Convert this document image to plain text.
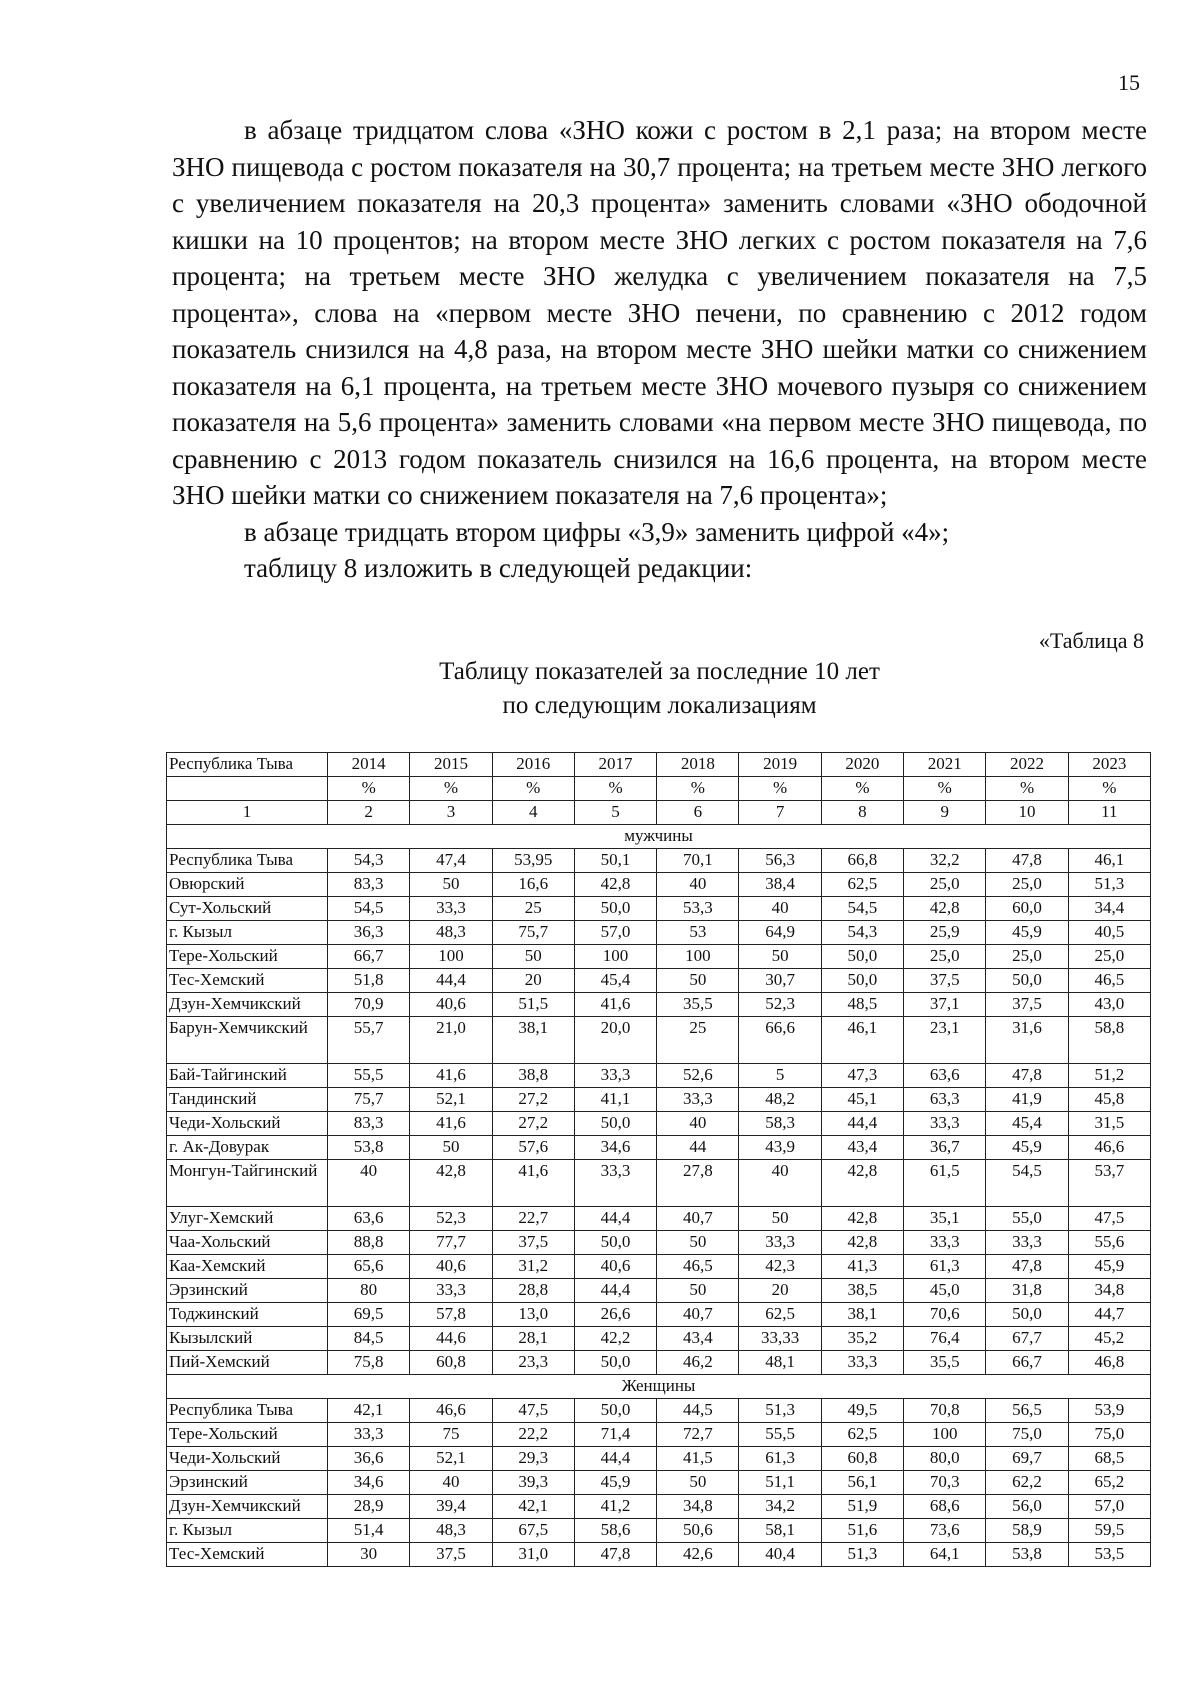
15

в абзаце тридцатом слова «ЗНО кожи с ростом в 2,1 раза; на втором месте ЗНО пищевода с ростом показателя на 30,7 процента; на третьем месте ЗНО легкого с увеличением показателя на 20,3 процента» заменить словами «ЗНО ободочной кишки на 10 процентов; на втором месте ЗНО легких с ростом показателя на 7,6 процента; на третьем месте ЗНО желудка с увеличением показателя на 7,5 процента», слова на «первом месте ЗНО печени, по сравнению с 2012 годом показатель снизился на 4,8 раза, на втором месте ЗНО шейки матки со снижением показателя на 6,1 процента, на третьем месте ЗНО мочевого пузыря со снижением показателя на 5,6 процента» заменить словами «на первом месте ЗНО пищевода, по сравнению с 2013 годом показатель снизился на 16,6 процента, на втором месте ЗНО шейки матки со снижением показателя на 7,6 процента»;

в абзаце тридцать втором цифры «3,9» заменить цифрой «4»;

таблицу 8 изложить в следующей редакции:

«Таблица 8
Таблицу показателей за последние 10 лет
по следующим локализациям
Республика Тыва	2014	2015	2016	2017	2018	2019	2020	2021	2022	2023
	%	%	%	%	%	%	%	%	%	%
1	2	3	4	5	6	7	8	9	10	11
мужчины										
Республика Тыва	54,3	47,4	53,95	50,1	70,1	56,3	66,8	32,2	47,8	46,1
Овюрский	83,3	50	16,6	42,8	40	38,4	62,5	25,0	25,0	51,3
Сут-Хольский	54,5	33,3	25	50,0	53,3	40	54,5	42,8	60,0	34,4
г. Кызыл	36,3	48,3	75,7	57,0	53	64,9	54,3	25,9	45,9	40,5
Тере-Хольский	66,7	100	50	100	100	50	50,0	25,0	25,0	25,0
Тес-Хемский	51,8	44,4	20	45,4	50	30,7	50,0	37,5	50,0	46,5
Дзун-Хемчикский	70,9	40,6	51,5	41,6	35,5	52,3	48,5	37,1	37,5	43,0
Барун-Хемчикский	55,7	21,0	38,1	20,0	25	66,6	46,1	23,1	31,6	58,8
Бай-Тайгинский	55,5	41,6	38,8	33,3	52,6	5	47,3	63,6	47,8	51,2
Тандинский	75,7	52,1	27,2	41,1	33,3	48,2	45,1	63,3	41,9	45,8
Чеди-Хольский	83,3	41,6	27,2	50,0	40	58,3	44,4	33,3	45,4	31,5
г. Ак-Довурак	53,8	50	57,6	34,6	44	43,9	43,4	36,7	45,9	46,6
Монгун-Тайгинский	40	42,8	41,6	33,3	27,8	40	42,8	61,5	54,5	53,7
Улуг-Хемский	63,6	52,3	22,7	44,4	40,7	50	42,8	35,1	55,0	47,5
Чаа-Хольский	88,8	77,7	37,5	50,0	50	33,3	42,8	33,3	33,3	55,6
Каа-Хемский	65,6	40,6	31,2	40,6	46,5	42,3	41,3	61,3	47,8	45,9
Эрзинский	80	33,3	28,8	44,4	50	20	38,5	45,0	31,8	34,8
Тоджинский	69,5	57,8	13,0	26,6	40,7	62,5	38,1	70,6	50,0	44,7
Кызылский	84,5	44,6	28,1	42,2	43,4	33,33	35,2	76,4	67,7	45,2
Пий-Хемский	75,8	60,8	23,3	50,0	46,2	48,1	33,3	35,5	66,7	46,8
Женщины										
Республика Тыва	42,1	46,6	47,5	50,0	44,5	51,3	49,5	70,8	56,5	53,9
Тере-Хольский	33,3	75	22,2	71,4	72,7	55,5	62,5	100	75,0	75,0
Чеди-Хольский	36,6	52,1	29,3	44,4	41,5	61,3	60,8	80,0	69,7	68,5
Эрзинский	34,6	40	39,3	45,9	50	51,1	56,1	70,3	62,2	65,2
Дзун-Хемчикский	28,9	39,4	42,1	41,2	34,8	34,2	51,9	68,6	56,0	57,0
г. Кызыл	51,4	48,3	67,5	58,6	50,6	58,1	51,6	73,6	58,9	59,5
Тес-Хемский	30	37,5	31,0	47,8	42,6	40,4	51,3	64,1	53,8	53,5
